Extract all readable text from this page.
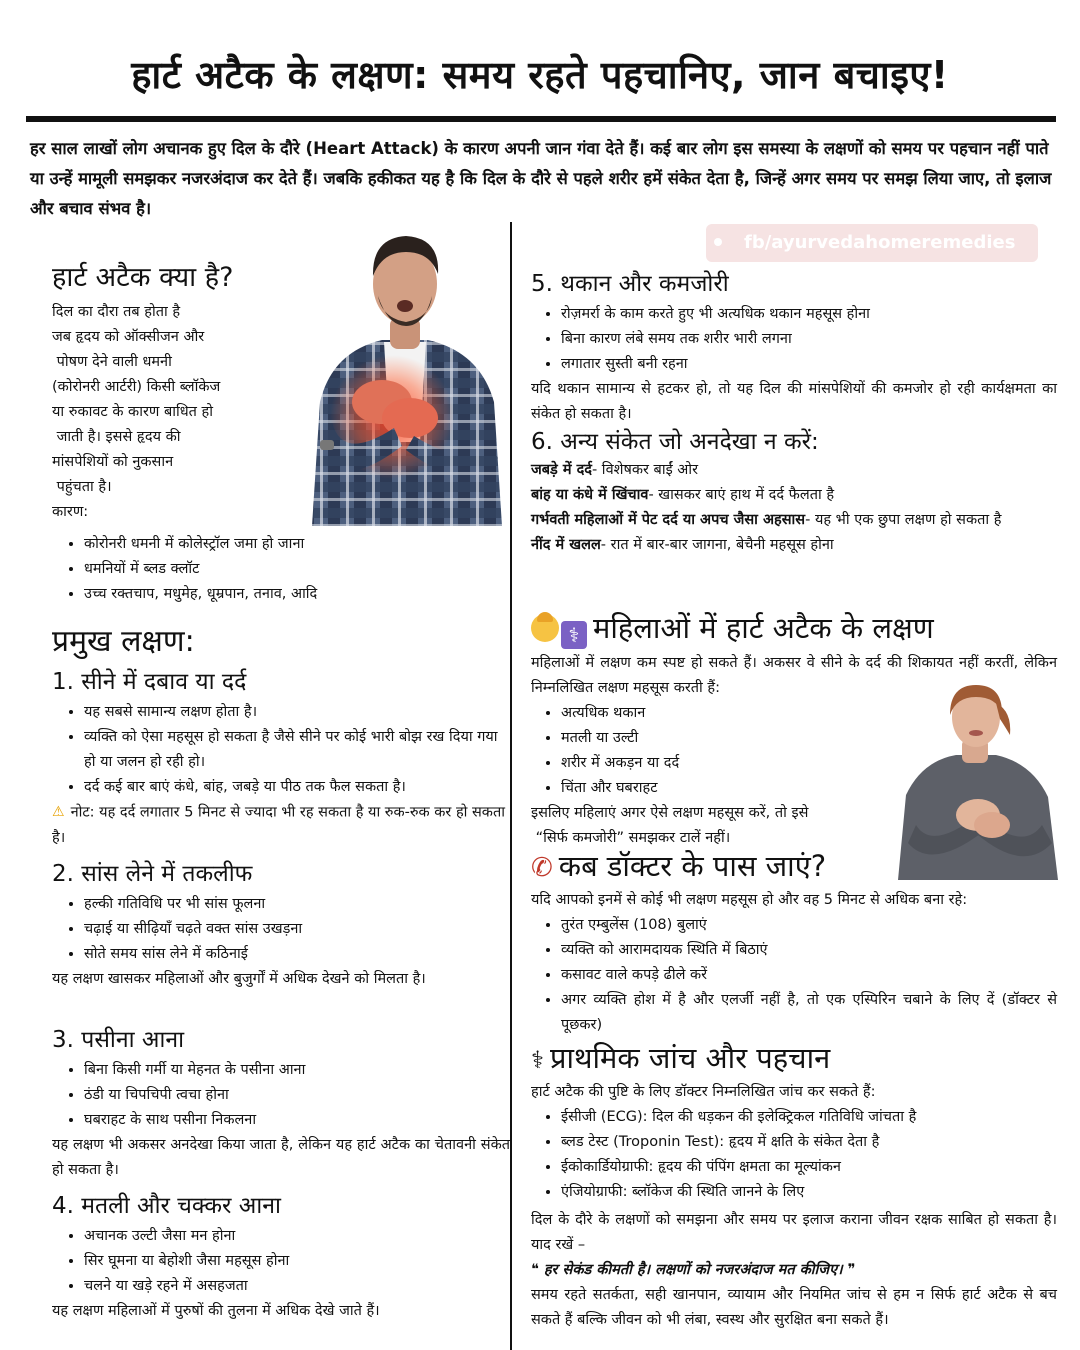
हार्ट अटैक के लक्षण: समय रहते पहचानिए, जान बचाइए!
हर साल लाखों लोग अचानक हुए दिल के दौरे (Heart Attack) के कारण अपनी जान गंवा देते हैं। कई बार लोग इस समस्या के लक्षणों को समय पर पहचान नहीं पाते या उन्हें मामूली समझकर नजरअंदाज कर देते हैं। जबकि हकीकत यह है कि दिल के दौरे से पहले शरीर हमें संकेत देता है, जिन्हें अगर समय पर समझ लिया जाए, तो इलाज और बचाव संभव है।
fb/ayurvedahomeremedies
हार्ट अटैक क्या है?
दिल का दौरा तब होता है
जब हृदय को ऑक्सीजन और
पोषण देने वाली धमनी
(कोरोनरी आर्टरी) किसी ब्लॉकेज
या रुकावट के कारण बाधित हो
जाती है। इससे हृदय की
मांसपेशियों को नुकसान
पहुंचता है।
कारण:
• कोरोनरी धमनी में कोलेस्ट्रॉल जमा हो जाना
• धमनियों में ब्लड क्लॉट
• उच्च रक्तचाप, मधुमेह, धूम्रपान, तनाव, आदि
प्रमुख लक्षण:
1. सीने में दबाव या दर्द
• यह सबसे सामान्य लक्षण होता है।
• व्यक्ति को ऐसा महसूस हो सकता है जैसे सीने पर कोई भारी बोझ रख दिया गया हो या जलन हो रही हो।
• दर्द कई बार बाएं कंधे, बांह, जबड़े या पीठ तक फैल सकता है।
⚠ नोट: यह दर्द लगातार 5 मिनट से ज्यादा भी रह सकता है या रुक-रुक कर हो सकता है।
2. सांस लेने में तकलीफ
• हल्की गतिविधि पर भी सांस फूलना
• चढ़ाई या सीढ़ियाँ चढ़ते वक्त सांस उखड़ना
• सोते समय सांस लेने में कठिनाई

यह लक्षण खासकर महिलाओं और बुजुर्गों में अधिक देखने को मिलता है।

3. पसीना आना
• बिना किसी गर्मी या मेहनत के पसीना आना
• ठंडी या चिपचिपी त्वचा होना
• घबराहट के साथ पसीना निकलना

यह लक्षण भी अकसर अनदेखा किया जाता है, लेकिन यह हार्ट अटैक का चेतावनी संकेत हो सकता है।

4. मतली और चक्कर आना
• अचानक उल्टी जैसा मन होना
• सिर घूमना या बेहोशी जैसा महसूस होना
• चलने या खड़े रहने में असहजता

यह लक्षण महिलाओं में पुरुषों की तुलना में अधिक देखे जाते हैं।

5. थकान और कमजोरी
• रोज़मर्रा के काम करते हुए भी अत्यधिक थकान महसूस होना
• बिना कारण लंबे समय तक शरीर भारी लगना
• लगातार सुस्ती बनी रहना

यदि थकान सामान्य से हटकर हो, तो यह दिल की मांसपेशियों की कमजोर हो रही कार्यक्षमता का संकेत हो सकता है।

6. अन्य संकेत जो अनदेखा न करें:

जबड़े में दर्द- विशेषकर बाईं ओर

बांह या कंधे में खिंचाव- खासकर बाएं हाथ में दर्द फैलता है

गर्भवती महिलाओं में पेट दर्द या अपच जैसा अहसास- यह भी एक छुपा लक्षण हो सकता है

नींद में खलल- रात में बार-बार जागना, बेचैनी महसूस होना

⚕ महिलाओं में हार्ट अटैक के लक्षण

महिलाओं में लक्षण कम स्पष्ट हो सकते हैं। अकसर वे सीने के दर्द की शिकायत नहीं करतीं, लेकिन निम्नलिखित लक्षण महसूस करती हैं:

• अत्यधिक थकान
• मतली या उल्टी
• शरीर में अकड़न या दर्द
• चिंता और घबराहट

इसलिए महिलाएं अगर ऐसे लक्षण महसूस करें, तो इसे

“सिर्फ कमजोरी” समझकर टालें नहीं।

✆ कब डॉक्टर के पास जाएं?

यदि आपको इनमें से कोई भी लक्षण महसूस हो और वह 5 मिनट से अधिक बना रहे:

• तुरंत एम्बुलेंस (108) बुलाएं
• व्यक्ति को आरामदायक स्थिति में बिठाएं
• कसावट वाले कपड़े ढीले करें
• अगर व्यक्ति होश में है और एलर्जी नहीं है, तो एक एस्पिरिन चबाने के लिए दें (डॉक्टर से पूछकर)
⚕ प्राथमिक जांच और पहचान

हार्ट अटैक की पुष्टि के लिए डॉक्टर निम्नलिखित जांच कर सकते हैं:

• ईसीजी (ECG): दिल की धड़कन की इलेक्ट्रिकल गतिविधि जांचता है
• ब्लड टेस्ट (Troponin Test): हृदय में क्षति के संकेत देता है
• ईकोकार्डियोग्राफी: हृदय की पंपिंग क्षमता का मूल्यांकन
• एंजियोग्राफी: ब्लॉकेज की स्थिति जानने के लिए

दिल के दौरे के लक्षणों को समझना और समय पर इलाज कराना जीवन रक्षक साबित हो सकता है। याद रखें –

❝ हर सेकंड कीमती है। लक्षणों को नजरअंदाज मत कीजिए। ❞

समय रहते सतर्कता, सही खानपान, व्यायाम और नियमित जांच से हम न सिर्फ हार्ट अटैक से बच सकते हैं बल्कि जीवन को भी लंबा, स्वस्थ और सुरक्षित बना सकते हैं।
